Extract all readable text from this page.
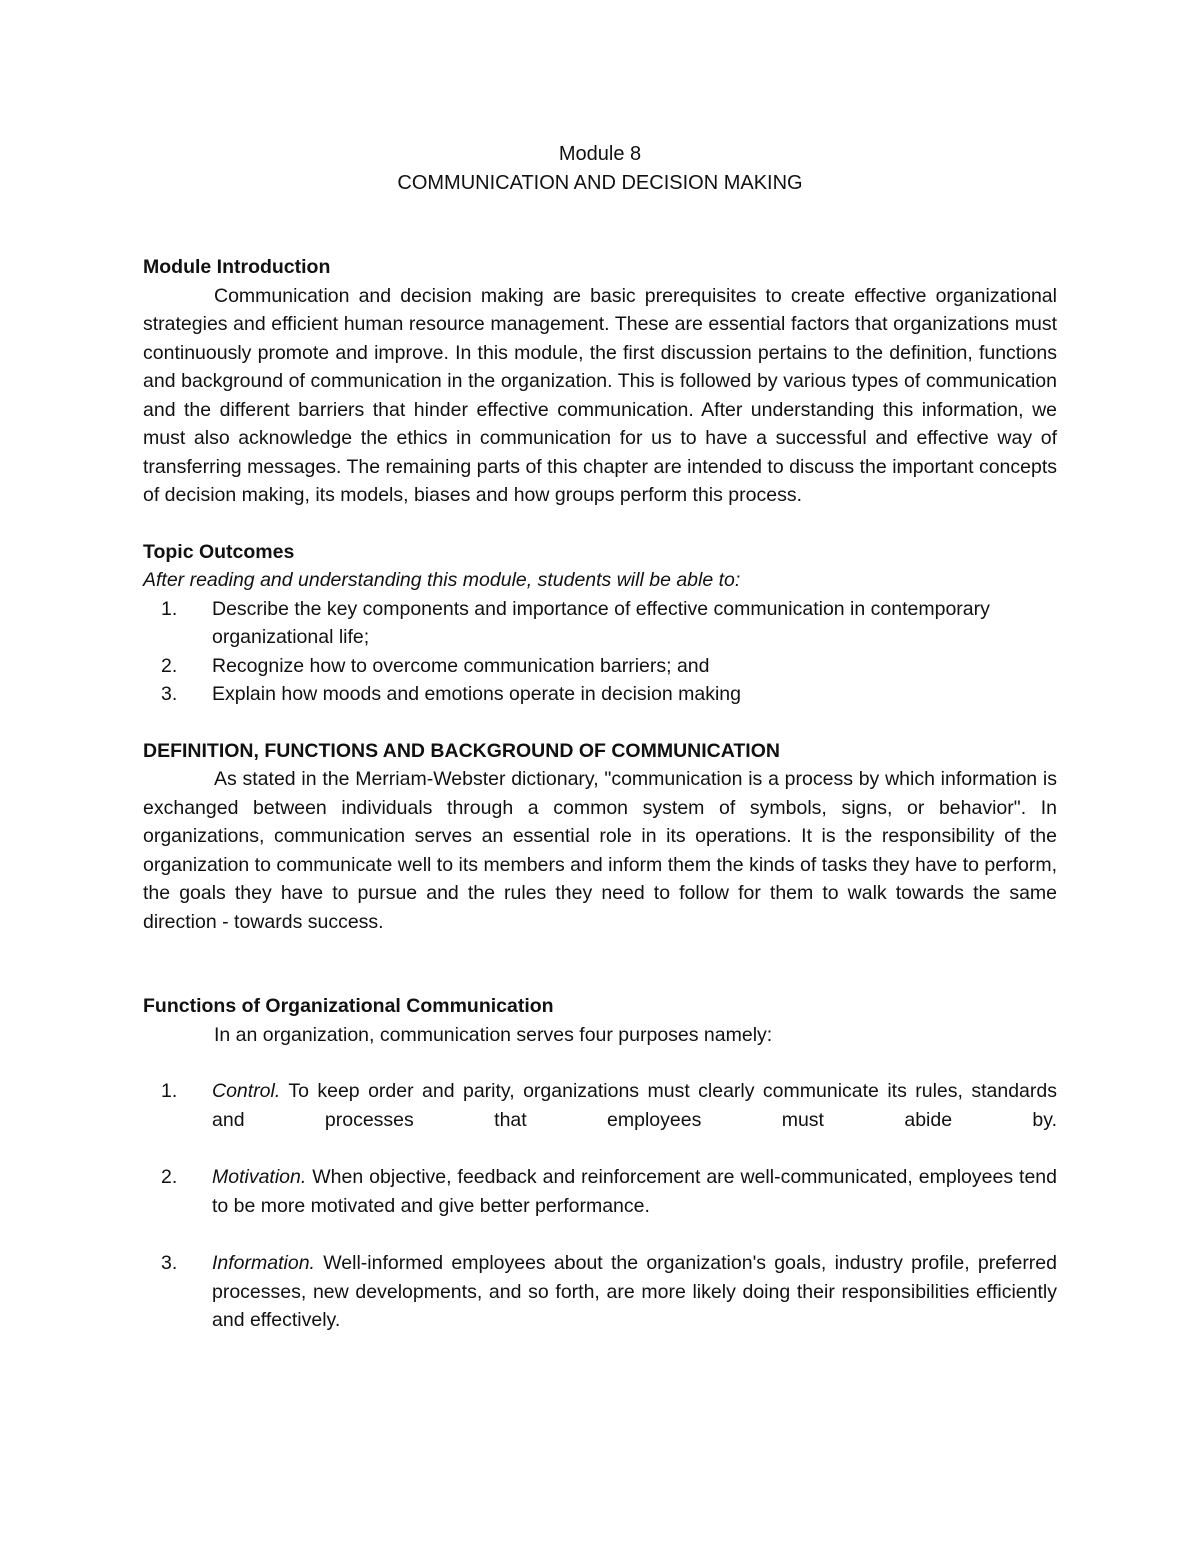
Module 8

COMMUNICATION AND DECISION MAKING

Module Introduction

Communication and decision making are basic prerequisites to create effective organizational strategies and efficient human resource management. These are essential factors that organizations must continuously promote and improve. In this module, the first discussion pertains to the definition, functions and background of communication in the organization. This is followed by various types of communication and the different barriers that hinder effective communication. After understanding this information, we must also acknowledge the ethics in communication for us to have a successful and effective way of transferring messages. The remaining parts of this chapter are intended to discuss the important concepts of decision making, its models, biases and how groups perform this process.

Topic Outcomes

After reading and understanding this module, students will be able to:

1. Describe the key components and importance of effective communication in contemporary organizational life;
2. Recognize how to overcome communication barriers; and
3. Explain how moods and emotions operate in decision making
DEFINITION, FUNCTIONS AND BACKGROUND OF COMMUNICATION

As stated in the Merriam-Webster dictionary, "communication is a process by which information is exchanged between individuals through a common system of symbols, signs, or behavior". In organizations, communication serves an essential role in its operations. It is the responsibility of the organization to communicate well to its members and inform them the kinds of tasks they have to perform, the goals they have to pursue and the rules they need to follow for them to walk towards the same direction - towards success.

Functions of Organizational Communication

In an organization, communication serves four purposes namely:

1. Control. To keep order and parity, organizations must clearly communicate its rules, standards and processes that employees must abide by.
2. Motivation. When objective, feedback and reinforcement are well-communicated, employees tend to be more motivated and give better performance.
3. Information. Well-informed employees about the organization's goals, industry profile, preferred processes, new developments, and so forth, are more likely doing their responsibilities efficiently and effectively.
